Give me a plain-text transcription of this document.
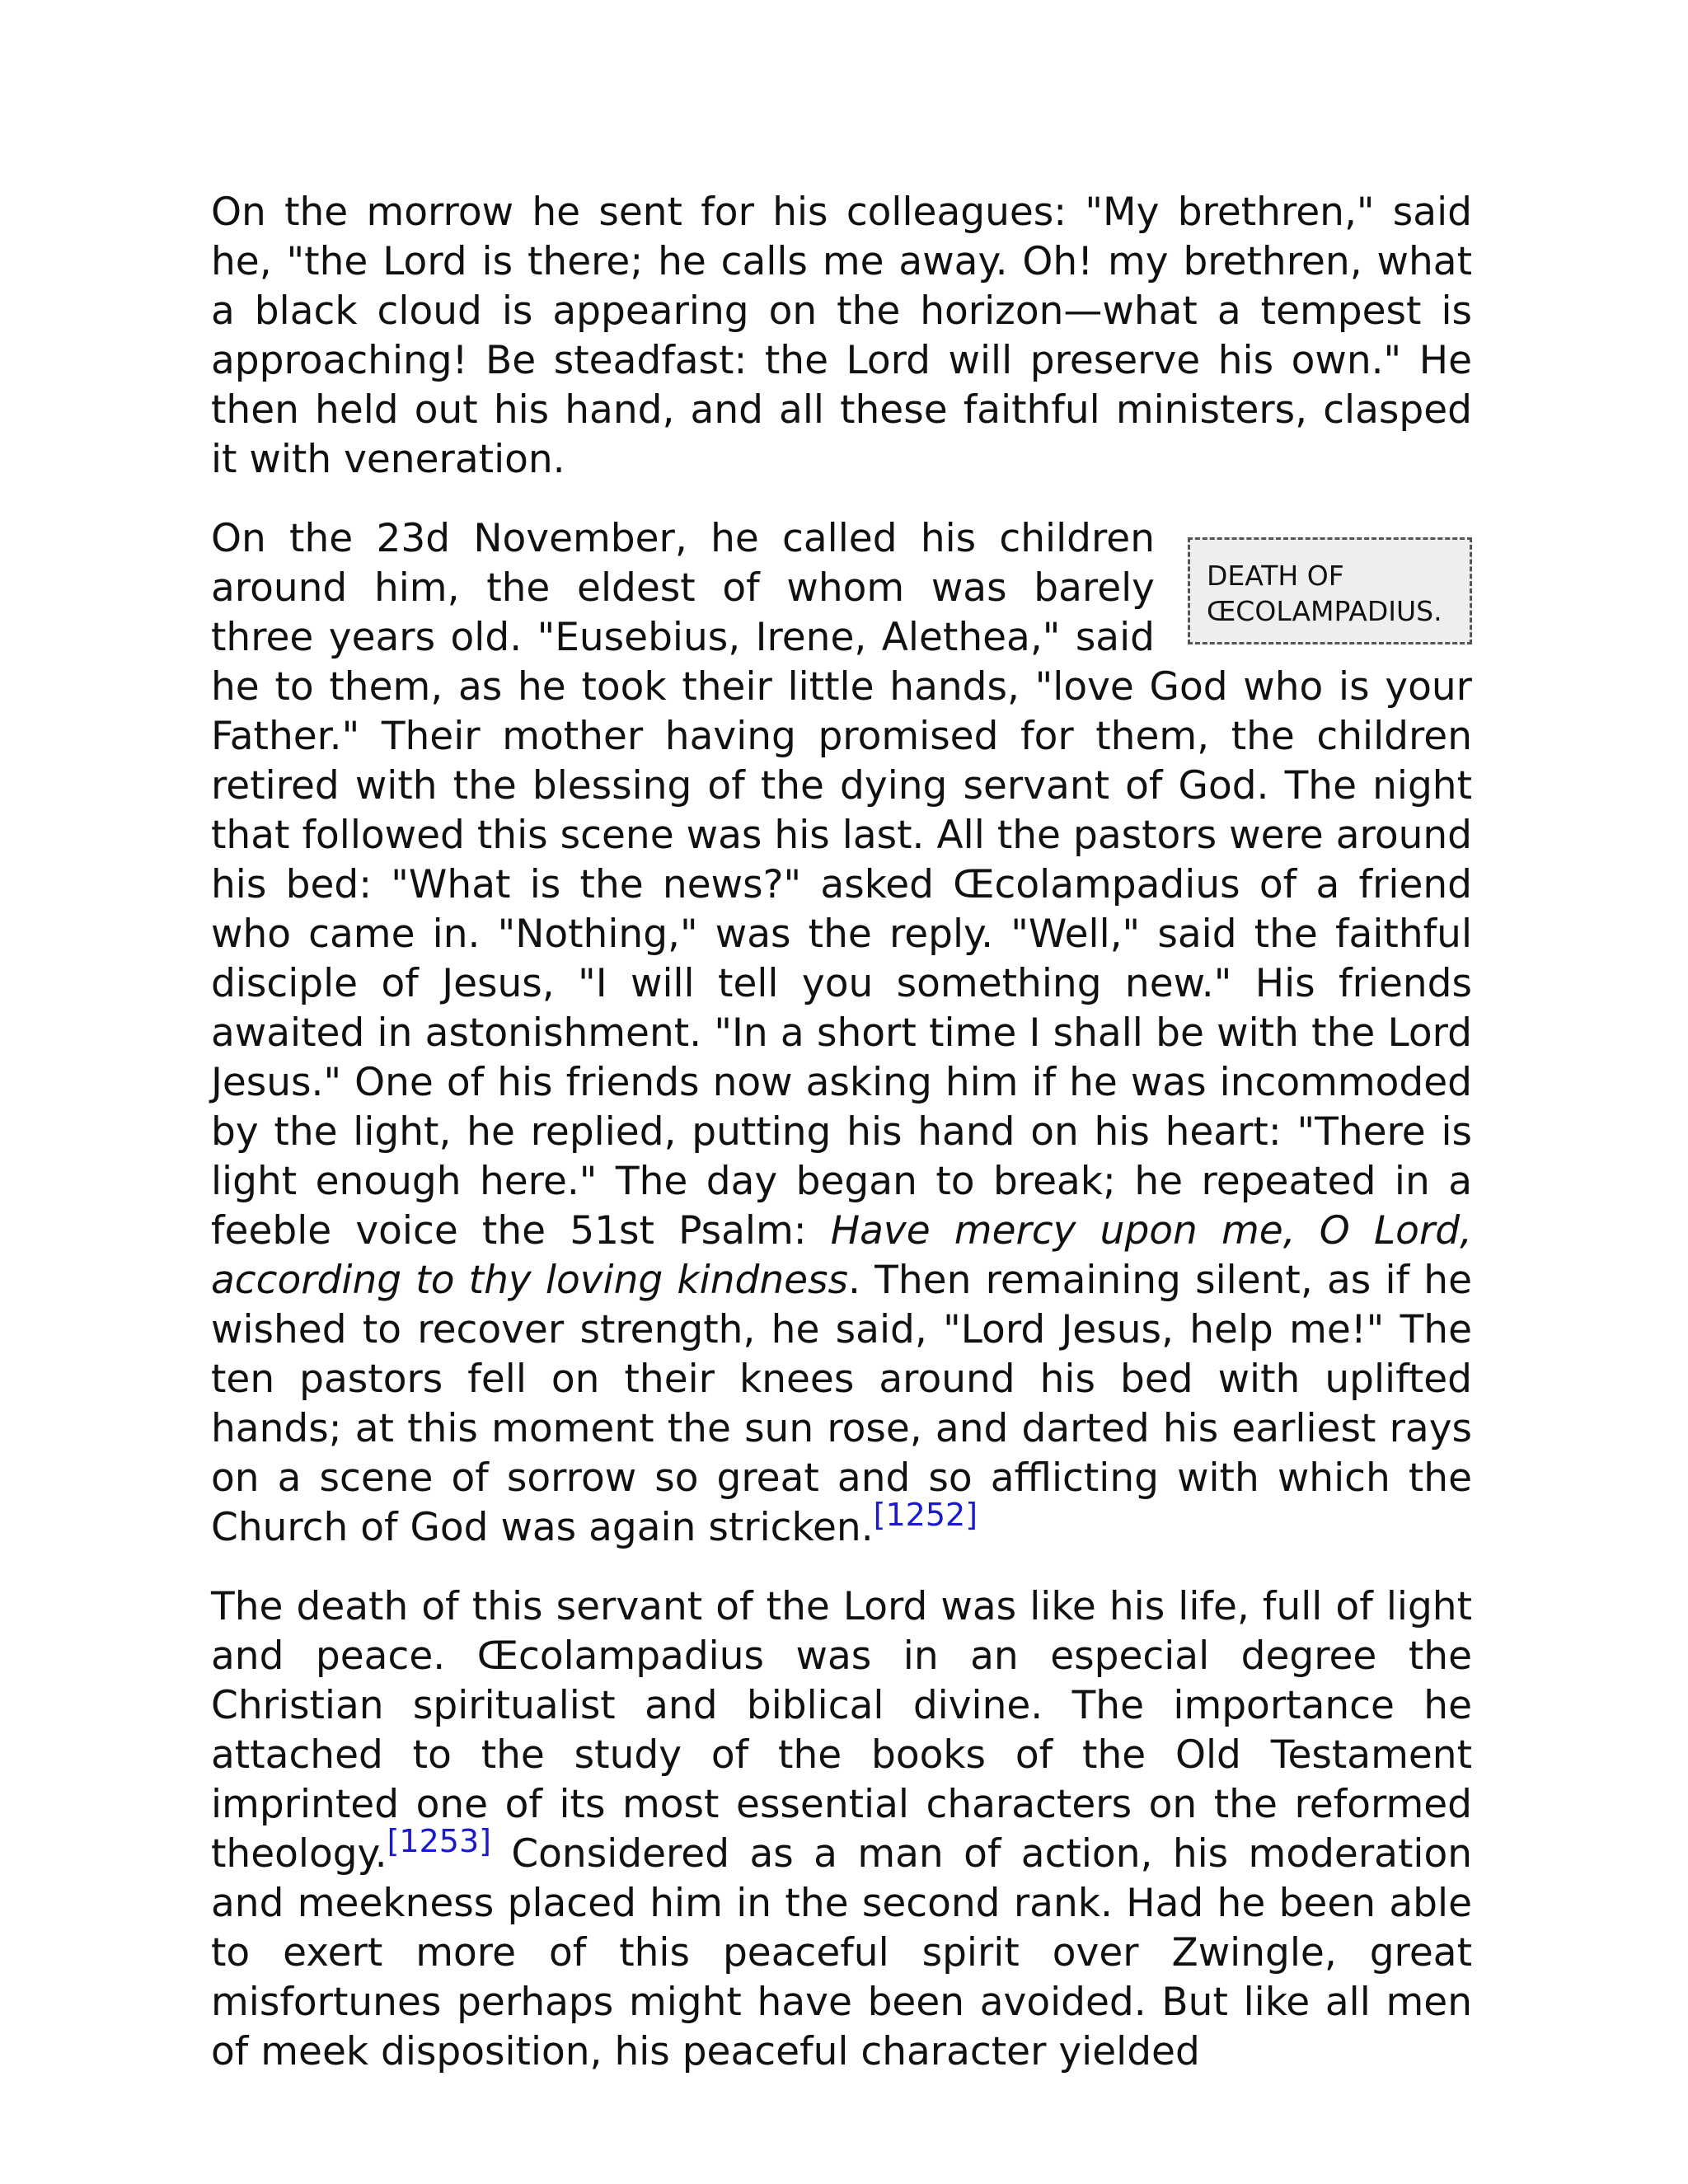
On the morrow he sent for his colleagues: "My brethren," said he, "the Lord is there; he calls me away. Oh! my brethren, what a black cloud is appearing on the horizon—what a tempest is approaching! Be steadfast: the Lord will preserve his own." He then held out his hand, and all these faithful ministers, clasped it with veneration.

DEATH OF
ŒCOLAMPADIUS.
On the 23d November, he called his children around him, the eldest of whom was barely three years old. "Eusebius, Irene, Alethea," said he to them, as he took their little hands, "love God who is your Father." Their mother having promised for them, the children retired with the blessing of the dying servant of God. The night that followed this scene was his last. All the pastors were around his bed: "What is the news?" asked Œcolampadius of a friend who came in. "Nothing," was the reply. "Well," said the faithful disciple of Jesus, "I will tell you something new." His friends awaited in astonishment. "In a short time I shall be with the Lord Jesus." One of his friends now asking him if he was incommoded by the light, he replied, putting his hand on his heart: "There is light enough here." The day began to break; he repeated in a feeble voice the 51st Psalm: Have mercy upon me, O Lord, according to thy loving kindness. Then remaining silent, as if he wished to recover strength, he said, "Lord Jesus, help me!" The ten pastors fell on their knees around his bed with uplifted hands; at this moment the sun rose, and darted his earliest rays on a scene of sorrow so great and so afflicting with which the Church of God was again stricken.[1252]

The death of this servant of the Lord was like his life, full of light and peace. Œcolampadius was in an especial degree the Christian spiritualist and biblical divine. The importance he attached to the study of the books of the Old Testament imprinted one of its most essential characters on the reformed theology.[1253] Considered as a man of action, his moderation and meekness placed him in the second rank. Had he been able to exert more of this peaceful spirit over Zwingle, great misfortunes perhaps might have been avoided. But like all men of meek disposition, his peaceful character yielded
